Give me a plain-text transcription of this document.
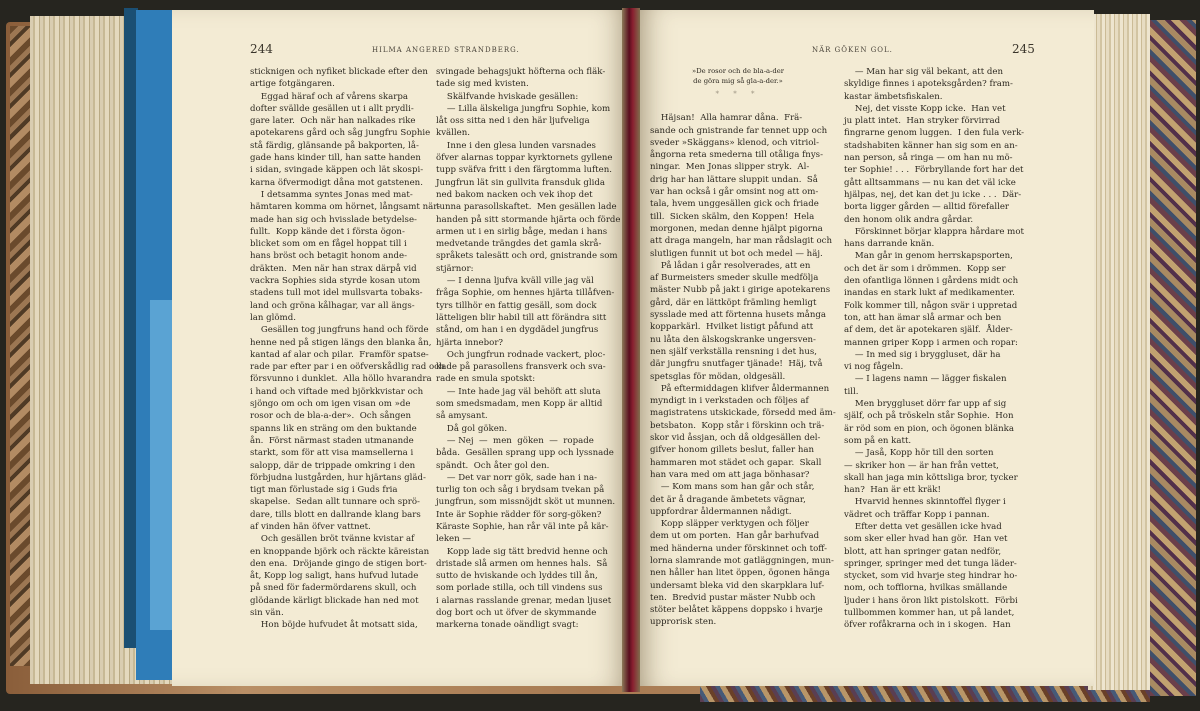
244	HILMA ANGERED STRANDBERG.

sticknigen och nyfiket blickade efter den

artige fotgängaren.

Eggad häraf och af vårens skarpa

dofter svällde gesällen ut i allt prydli-

gare later.  Och när han nalkades rike

apotekarens gård och såg jungfru Sophie

stå färdig, glänsande på bakporten, lå-

gade hans kinder till, han satte handen

i sidan, svingade käppen och lät skospi-

karna öfvermodigt dåna mot gatstenen.

I detsamma syntes Jonas med mat-

hämtaren komma om hörnet, långsamt när-

made han sig och hvisslade betydelse-

fullt.  Kopp kände det i första ögon-

blicket som om en fågel hoppat till i

hans bröst och betagit honom ande-

dräkten.  Men när han strax därpå vid

vackra Sophies sida styrde kosan utom

stadens tull mot idel mullsvarta tobaks-

land och gröna kålhagar, var all ängs-

lan glömd.

Gesällen tog jungfruns hand och förde

henne ned på stigen längs den blanka ån,

kantad af alar och pilar.  Framför spatse-

rade par efter par i en oöfverskådlig rad och

försvunno i dunklet.  Alla höllo hvarandra

i hand och viftade med björkkvistar och

sjöngo om och om igen visan om »de

rosor och de bla-a-der».  Och sången

spanns lik en sträng om den buktande

ån.  Först närmast staden utmanande

starkt, som för att visa mamsellerna i

salopp, där de trippade omkring i den

förbjudna lustgården, hur hjärtans gläd-

tigt man förlustade sig i Guds fria

skapelse.  Sedan allt tunnare och sprö-

dare, tills blott en dallrande klang bars

af vinden hän öfver vattnet.

Och gesällen bröt tvänne kvistar af

en knoppande björk och räckte käreistan

den ena.  Dröjande gingo de stigen bort-

åt, Kopp log saligt, hans hufvud lutade

på sned för fadermördarens skull, och

glödande kärligt blickade han ned mot

sin vän.

Hon böjde hufvudet åt motsatt sida,

svingade behagsjukt höfterna och fläk-

tade sig med kvisten.

Skälfvande hviskade gesällen:

— Lilla älskeliga jungfru Sophie, kom

låt oss sitta ned i den här ljufveliga

kvällen.

Inne i den glesa lunden varsnades

öfver alarnas toppar kyrktornets gyllene

tupp sväfva fritt i den färgtomma luften.

Jungfrun lät sin gullvita fransduk glida

ned bakom nacken och vek ihop det

tunna parasollskaftet.  Men gesällen lade

handen på sitt stormande hjärta och förde

armen ut i en sirlig båge, medan i hans

medvetande trängdes det gamla skrå-

språkets talesätt och ord, gnistrande som

stjärnor:

— I denna ljufva kväll ville jag väl

fråga Sophie, om hennes hjärta tillåfven-

tyrs tillhör en fattig gesäll, som dock

lätteligen blir habil till att förändra sitt

stånd, om han i en dygdädel jungfrus

hjärta innebor?

Och jungfrun rodnade vackert, ploc-

kade på parasollens fransverk och sva-

rade en smula spotskt:

— Inte hade jag väl behöft att sluta

som smedsmadam, men Kopp är alltid

så amysant.

Då gol göken.

— Nej  —  men  göken  —  ropade

båda.  Gesällen sprang upp och lyssnade

spändt.  Och åter gol den.

— Det var norr gök, sade han i na-

turlig ton och såg i brydsam tvekan på

jungfrun, som missnöjdt sköt ut munnen.

Inte är Sophie rädder för sorg-göken?

Käraste Sophie, han rår väl inte på kär-

leken —

Kopp lade sig tätt bredvid henne och

dristade slå armen om hennes hals.  Så

sutto de hviskande och lyddes till ån,

som porlade stilla, och till vindens sus

i alarnas rasslande grenar, medan ljuset

dog bort och ut öfver de skymmande

markerna tonade oändligt svagt:

NÄR GÖKEN GOL.	245

»De rosor och de bla-a-der

de göra mig så gla-a-der.»

* * *

Häjsan!  Alla hamrar dåna.  Frä-

sande och gnistrande far tennet upp och

sveder »Skäggans» klenod, och vitriol-

ångorna reta smederna till otåliga fnys-

ningar.  Men Jonas slipper stryk.  Al-

drig har han lättare sluppit undan.  Så

var han också i går omsint nog att om-

tala, hvem unggesällen gick och friade

till.  Sicken skälm, den Koppen!  Hela

morgonen, medan denne hjälpt pigorna

att draga mangeln, har man rådslagit och

slutligen funnit ut bot och medel — häj.

På lådan i går resolverades, att en

af Burmeisters smeder skulle medfölja

mäster Nubb på jakt i girige apotekarens

gård, där en lättköpt främling hemligt

sysslade med att förtenna husets många

kopparkärl.  Hvilket listigt påfund att

nu låta den älskogskranke ungersven-

nen själf verkställa rensning i det hus,

där jungfru snutfager tjänade!  Häj, två

spetsglas för mödan, oldgesäll.

På eftermiddagen klifver åldermannen

myndigt in i verkstaden och följes af

magistratens utskickade, försedd med äm-

betsbaton.  Kopp står i förskinn och trä-

skor vid åssjan, och då oldgesällen del-

gifver honom gillets beslut, faller han

hammaren mot städet och gapar.  Skall

han vara med om att jaga bönhasar?

— Kom mans som han går och står,

det är å dragande ämbetets vägnar,

uppfordrar åldermannen nådigt.

Kopp släpper verktygen och följer

dem ut om porten.  Han går barhufvad

med händerna under förskinnet och toff-

lorna slamrande mot gatläggningen, mun-

nen håller han litet öppen, ögonen hänga

undersamt bleka vid den skarpklara luf-

ten.  Bredvid pustar mäster Nubb och

stöter belåtet käppens doppsko i hvarje

upprorisk sten.

— Man har sig väl bekant, att den

skyldige finnes i apoteksgården? fram-

kastar ämbetsfiskalen.

Nej, det visste Kopp icke.  Han vet

ju platt intet.  Han stryker förvirrad

fingrarne genom luggen.  I den fula verk-

stadshabiten känner han sig som en an-

nan person, så ringa — om han nu mö-

ter Sophie! . . .  Förbryllande fort har det

gått alltsammans — nu kan det väl icke

hjälpas, nej, det kan det ju icke . . .  Där-

borta ligger gården — alltid förefaller

den honom olik andra gårdar.

Förskinnet börjar klappra hårdare mot

hans darrande knän.

Man går in genom herrskapsporten,

och det är som i drömmen.  Kopp ser

den ofantliga lönnen i gårdens midt och

inandas en stark lukt af medikamenter.

Folk kommer till, någon svär i uppretad

ton, att han ämar slå armar och ben

af dem, det är apotekaren själf.  Ålder-

mannen griper Kopp i armen och ropar:

— In med sig i bryggluset, där ha

vi nog fågeln.

— I lagens namn — lägger fiskalen

till.

Men bryggluset dörr far upp af sig

själf, och på tröskeln står Sophie.  Hon

är röd som en pion, och ögonen blänka

som på en katt.

— Jaså, Kopp hör till den sorten

— skriker hon — är han från vettet,

skall han jaga min köttsliga bror, tycker

han?  Han är ett kräk!

Hvarvid hennes skinntoffel flyger i

vädret och träffar Kopp i pannan.

Efter detta vet gesällen icke hvad

som sker eller hvad han gör.  Han vet

blott, att han springer gatan nedför,

springer, springer med det tunga läder-

stycket, som vid hvarje steg hindrar ho-

nom, och tofflorna, hvilkas smällande

ljuder i hans öron likt pistolskott.  Förbi

tullbommen kommer han, ut på landet,

öfver rofåkrarna och in i skogen.  Han
